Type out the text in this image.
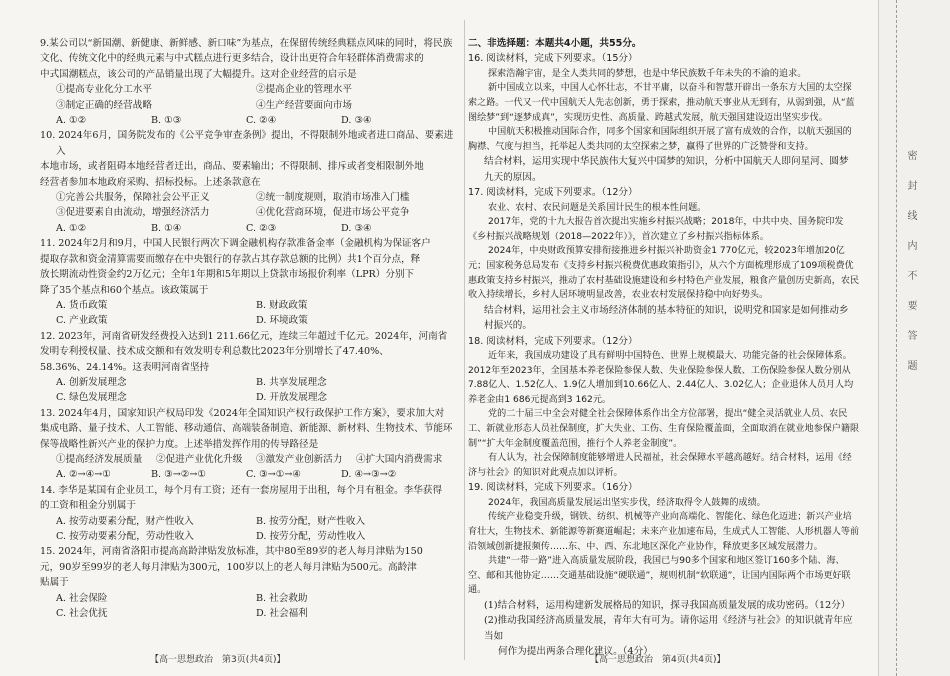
9.某公司以“新国潮、新健康、新鲜感、新口味”为基点，在保留传统经典糕点风味的同时，将民族
文化、传统文化中的经典元素与中式糕点进行更多结合，设计出更符合年轻群体消费需求的
中式国潮糕点，该公司的产品销量出现了大幅提升。这对企业经营的启示是
①提高专业化分工水平	②提高企业的管理水平
③制定正确的经营战略	④生产经营要面向市场
A. ①②	B. ①③	C. ②④	D. ③④
10. 2024年6月，国务院发布的《公平竞争审查条例》提出，不得限制外地或者进口商品、要素进入
本地市场，或者阻碍本地经营者迁出，商品、要素输出；不得限制、排斥或者变相限制外地
经营者参加本地政府采购、招标投标。上述条款意在
①完善公共服务，保障社会公平正义	②统一制度规则，取消市场准入门槛
③促进要素自由流动，增强经济活力	④优化营商环境，促进市场公平竞争
A. ①②	B. ①④	C. ②③	D. ③④
11. 2024年2月和9月，中国人民银行两次下调金融机构存款准备金率（金融机构为保证客户
提取存款和资金清算需要而缴存在中央银行的存款占其存款总额的比例）共1个百分点，释
放长期流动性资金约2万亿元；全年1年期和5年期以上贷款市场报价利率（LPR）分别下
降了35个基点和60个基点。该政策属于
A. 货币政策	B. 财政政策
C. 产业政策	D. 环境政策
12. 2023年，河南省研发经费投入达到1 211.66亿元，连续三年超过千亿元。2024年，河南省
发明专利授权量、技术成交额和有效发明专利总数比2023年分别增长了47.40%、
58.36%、24.14%。这表明河南省坚持
A. 创新发展理念	B. 共享发展理念
C. 绿色发展理念	D. 开放发展理念
13. 2024年4月，国家知识产权局印发《2024年全国知识产权行政保护工作方案》，要求加大对
集成电路、量子技术、人工智能、移动通信、高端装备制造、新能源、新材料、生物技术、节能环
保等战略性新兴产业的保护力度。上述举措发挥作用的传导路径是
①提高经济发展质量	②促进产业优化升级	③激发产业创新活力	④扩大国内消费需求
A. ②→④→①	B. ③→②→①	C. ③→①→④	D. ④→③→②
14. 李华是某国有企业员工，每个月有工资；还有一套房屋用于出租，每个月有租金。李华获得
的工资和租金分别属于
A. 按劳动要素分配，财产性收入	B. 按劳分配，财产性收入
C. 按劳动要素分配，劳动性收入	D. 按劳分配，劳动性收入
15. 2024年，河南省洛阳市提高高龄津贴发放标准，其中80至89岁的老人每月津贴为150
元，90岁至99岁的老人每月津贴为300元，100岁以上的老人每月津贴为500元。高龄津
贴属于
A. 社会保险	B. 社会救助
C. 社会优抚	D. 社会福利
二、非选择题：本题共4小题，共55分。
16. 阅读材料，完成下列要求。（15分）
探索浩瀚宇宙，是全人类共同的梦想，也是中华民族数千年未失的不渝的追求。
新中国成立以来，中国人心怀壮志，不甘平庸，以奋斗和智慧开辟出一条东方大国的太空探索之路。一代又一代中国航天人先志创新，勇于探索，推动航天事业从无到有，从弱到强，从“蓝图绘梦”到“逐梦成真”，实现历史性、高质量、跨越式发展，航天强国建设迈出坚实步伐。
中国航天积极推动国际合作，同多个国家和国际组织开展了富有成效的合作，以航天强国的胸襟、气度与担当，托举起人类共同的太空探索之梦，赢得了世界的广泛赞誉和支持。
结合材料，运用实现中华民族伟大复兴中国梦的知识，分析中国航天人即问星河、圆梦
九天的原因。
17. 阅读材料，完成下列要求。（12分）
农业、农村、农民问题是关系国计民生的根本性问题。
2017年，党的十九大报告首次提出实施乡村振兴战略；2018年，中共中央、国务院印发《乡村振兴战略规划（2018—2022年）》，首次建立了乡村振兴指标体系。
2024年，中央财政预算安排衔接推进乡村振兴补助资金1 770亿元，较2023年增加20亿元；国家税务总局发布《支持乡村振兴税费优惠政策指引》，从六个方面梳理形成了109项税费优惠政策支持乡村振兴，推动了农村基础设施建设和乡村特色产业发展，粮食产量创历史新高，农民收入持续增长，乡村人居环境明显改善，农业农村发展保持稳中向好势头。
结合材料，运用社会主义市场经济体制的基本特征的知识，说明党和国家是如何推动乡
村振兴的。
18. 阅读材料，完成下列要求。（12分）
近年来，我国成功建设了具有鲜明中国特色、世界上规模最大、功能完备的社会保障体系。2012年至2023年，全国基本养老保险参保人数、失业保险参保人数、工伤保险参保人数分别从7.88亿人、1.52亿人、1.9亿人增加到10.66亿人、2.44亿人、3.02亿人；企业退休人员月人均养老金由1 686元提高到3 162元。
党的二十届三中全会对健全社会保障体系作出全方位部署，提出“健全灵活就业人员、农民工、新就业形态人员社保制度，扩大失业、工伤、生育保险覆盖面，全面取消在就业地参保户籍限制”“扩大年金制度覆盖范围，推行个人养老金制度”。
有人认为，社会保障制度能够增进人民福祉，社会保障水平越高越好。结合材料，运用《经济与社会》的知识对此观点加以评析。
19. 阅读材料，完成下列要求。（16分）
2024年，我国高质量发展运出坚实步伐，经济取得令人鼓舞的成绩。
传统产业稳变升级，钢铁、纺织、机械等产业向高端化、智能化、绿色化迈进；新兴产业培育壮大，生物技术、新能源等新赛道崛起；未来产业加速布局，生成式人工智能、人形机器人等前沿领域创新捷报频传……东、中、西、东北地区深化产业协作，释放更多区域发展潜力。
共建“一带一路”进入高质量发展阶段，我国已与90多个国家和地区签订160多个陆、海、空、邮和其他协定……交通基础设施“硬联通”，规则机制“软联通”，让国内国际两个市场更好联通。
(1)结合材料，运用构建新发展格局的知识，探寻我国高质量发展的成功密码。（12分）
(2)推动我国经济高质量发展，青年大有可为。请你运用《经济与社会》的知识就青年应当如
何作为提出两条合理化建议。（4分）
【高一思想政治　第3页(共4页)】	【高一思想政治　第4页(共4页)】
密封线内不要答题
